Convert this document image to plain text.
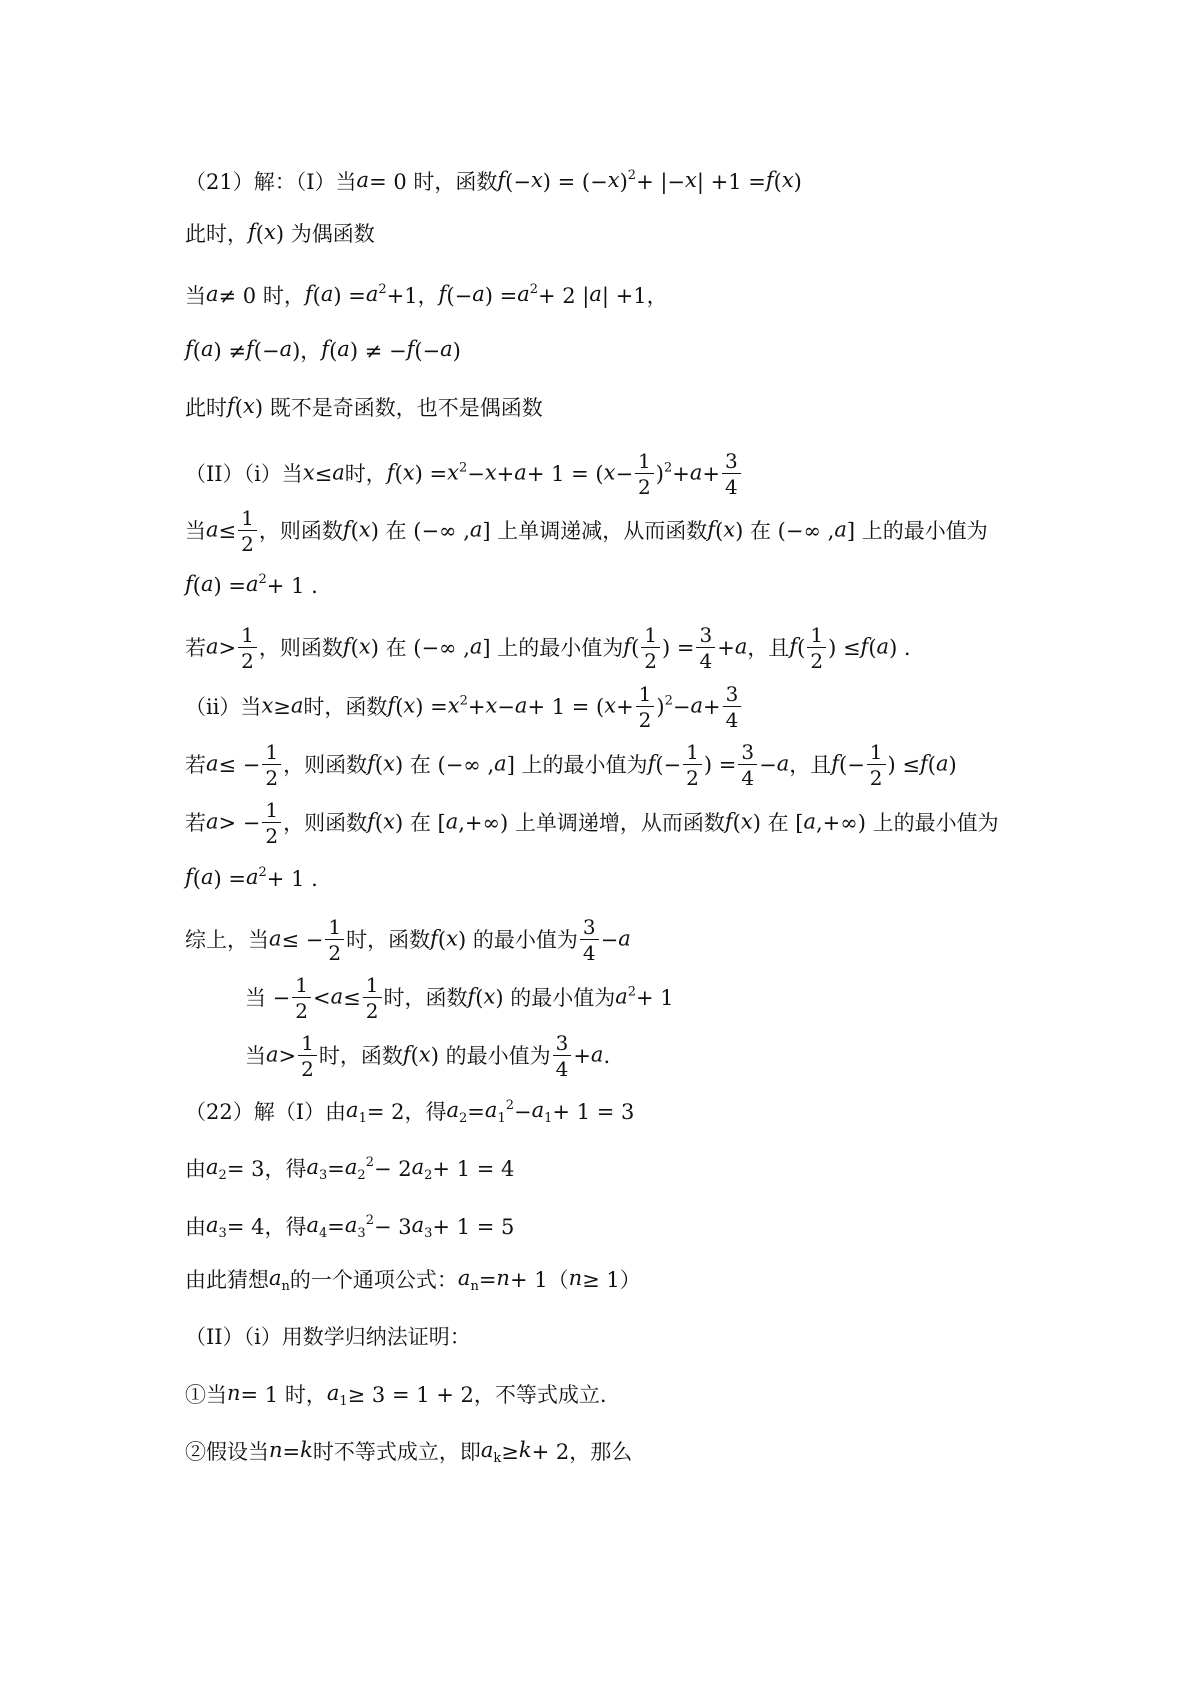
（21）解：（I）当a= 0 时，函数$f(-x) = (-x)^2+ |-x| +1 =f(x)$
此时，f(x) 为偶函数
当a≠ 0 时，$f(a) =a^2+1$，$f(-a) =a^2+ 2$ |a| +1，
f(a) ≠f(−a)，f(a) ≠ −f(−a)
此时f(x) 既不是奇函数，也不是偶函数
（II）（i）当x≤a时，$f(x) =x^2-x+a+ 1 = (x- \frac{1}{2} )^2+a+ \frac{3}{4}$
当$a\le \frac{1}{2}$ ，则函数f(x) 在 (−∞ ,a] 上单调递减，从而函数f(x) 在 (−∞ ,a] 上的最小值为
$f(a) =a^2+ 1$ .
若$a> \frac{1}{2}$ ，则函数f(x) 在 (−∞ ,a] 上的最小值为$f( \frac{1}{2}$ ) = $\frac{3}{4} +a$，且$f( \frac{1}{2}$ ) ≤f(a) .
（ii）当x≥a时，函数$f(x) =x^2+x-a+ 1 = (x+ \frac{1}{2} )^2-a+ \frac{3}{4}$
若$a\le - \frac{1}{2}$ ，则函数f(x) 在 (−∞ ,a] 上的最小值为$f(- \frac{1}{2}$ ) = $\frac{3}{4} -a$，且$f(- \frac{1}{2}$ ) ≤f(a)
若$a> - \frac{1}{2}$ ，则函数f(x) 在 [a,+∞) 上单调递增，从而函数f(x) 在 [a,+∞) 上的最小值为
$f(a) =a^2+ 1$ .
综上，当$a\le - \frac{1}{2}$ 时，函数f(x) 的最小值为 $\frac{3}{4} -a$
当 − $\frac{1}{2} <a\le \frac{1}{2}$ 时，函数f(x) 的最小值为$a^2+ 1$
当$a> \frac{1}{2}$ 时，函数f(x) 的最小值为 $\frac{3}{4} +a$.
（22）解（I）由$a_1= 2$，得$a_2=a_1^2-a_1+ 1 = 3$
由$a_2= 3$，得$a_3=a_2^2- 2a_2+ 1 = 4$
由$a_3= 4$，得$a_4=a_3^2- 3a_3+ 1 = 5$
由此猜想$a_n$的一个通项公式：$a_n=n+ 1(n\ge 1)$
（II）（i）用数学归纳法证明：
①当n= 1 时，$a_1\ge 3 = 1 + 2$，不等式成立.
②假设当n=k时不等式成立，即$a_k\ge k+ 2$，那么
